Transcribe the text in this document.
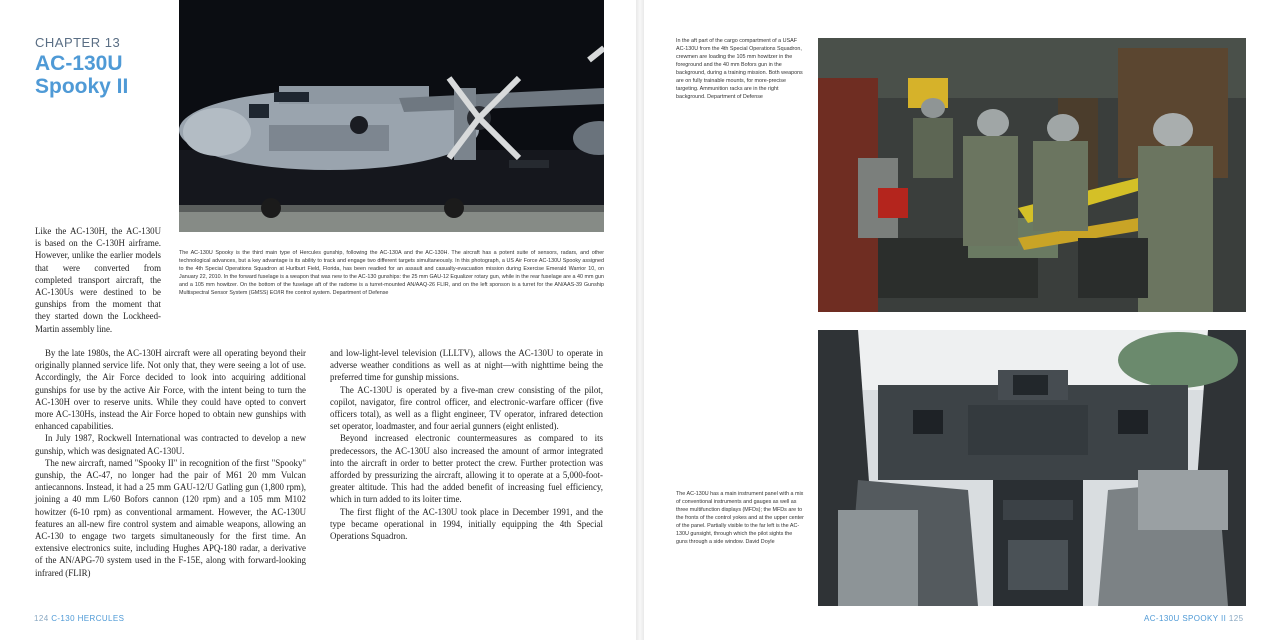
CHAPTER 13
AC-130U
Spooky II
The AC-130U Spooky is the third main type of Hercules gunship, following the AC-130A and the AC-130H. The aircraft has a potent suite of sensors, radars, and other technological advances, but a key advantage is its ability to track and engage two different targets simultaneously. In this photograph, a US Air Force AC-130U Spooky assigned to the 4th Special Operations Squadron at Hurlburt Field, Florida, has been readied for an assault and casualty-evacuation mission during Exercise Emerald Warrior 10, on January 22, 2010. In the forward fuselage is a weapon that was new to the AC-130 gunships: the 25 mm GAU-12 Equalizer rotary gun, while in the rear fuselage are a 40 mm gun and a 105 mm howitzer. On the bottom of the fuselage aft of the radome is a turret-mounted AN/AAQ-26 FLIR, and on the left sponson is a turret for the AN/AAS-39 Gunship Multispectral Sensor System (GMSS) EO/IR fire control system. Department of Defense

Like the AC-130H, the AC-130U is based on the C-130H airframe. However, unlike the earlier models that were converted from completed transport aircraft, the AC-130Us were destined to be gunships from the moment that they started down the Lockheed-Martin assembly line.

By the late 1980s, the AC-130H aircraft were all operating beyond their originally planned service life. Not only that, they were seeing a lot of use. Accordingly, the Air Force decided to look into acquiring additional gunships for use by the active Air Force, with the intent being to turn the AC-130H over to reserve units. While they could have opted to convert more AC-130Hs, instead the Air Force hoped to obtain new gunships with enhanced capabilities.

In July 1987, Rockwell International was contracted to develop a new gunship, which was designated AC-130U.

The new aircraft, named "Spooky II" in recognition of the first "Spooky" gunship, the AC-47, no longer had the pair of M61 20 mm Vulcan antiecannons. Instead, it had a 25 mm GAU-12/U Gatling gun (1,800 rpm), joining a 40 mm L/60 Bofors cannon (120 rpm) and a 105 mm M102 howitzer (6-10 rpm) as conventional armament. However, the AC-130U features an all-new fire control system and aimable weapons, allowing an AC-130 to engage two targets simultaneously for the first time. An extensive electronics suite, including Hughes APQ-180 radar, a derivative of the AN/APG-70 system used in the F-15E, along with forward-looking infrared (FLIR)

and low-light-level television (LLLTV), allows the AC-130U to operate in adverse weather conditions as well as at night—with nighttime being the preferred time for gunship missions.

The AC-130U is operated by a five-man crew consisting of the pilot, copilot, navigator, fire control officer, and electronic-warfare officer (five officers total), as well as a flight engineer, TV operator, infrared detection set operator, loadmaster, and four aerial gunners (eight enlisted).

Beyond increased electronic countermeasures as compared to its predecessors, the AC-130U also increased the amount of armor integrated into the aircraft in order to better protect the crew. Further protection was afforded by pressurizing the aircraft, allowing it to operate at a 5,000-foot-greater altitude. This had the added benefit of increasing fuel efficiency, which in turn added to its loiter time.

The first flight of the AC-130U took place in December 1991, and the type became operational in 1994, initially equipping the 4th Special Operations Squadron.

124 C-130 HERCULES
In the aft part of the cargo compartment of a USAF AC-130U from the 4th Special Operations Squadron, crewmen are loading the 105 mm howitzer in the foreground and the 40 mm Bofors gun in the background, during a training mission. Both weapons are on fully trainable mounts, for more-precise targeting. Ammunition racks are in the right background. Department of Defense
The AC-130U has a main instrument panel with a mix of conventional instruments and gauges as well as three multifunction displays (MFDs); the MFDs are to the fronts of the control yokes and at the upper center of the panel. Partially visible to the far left is the AC-130U gunsight, through which the pilot sights the guns through a side window. David Doyle
AC-130U SPOOKY II 125
